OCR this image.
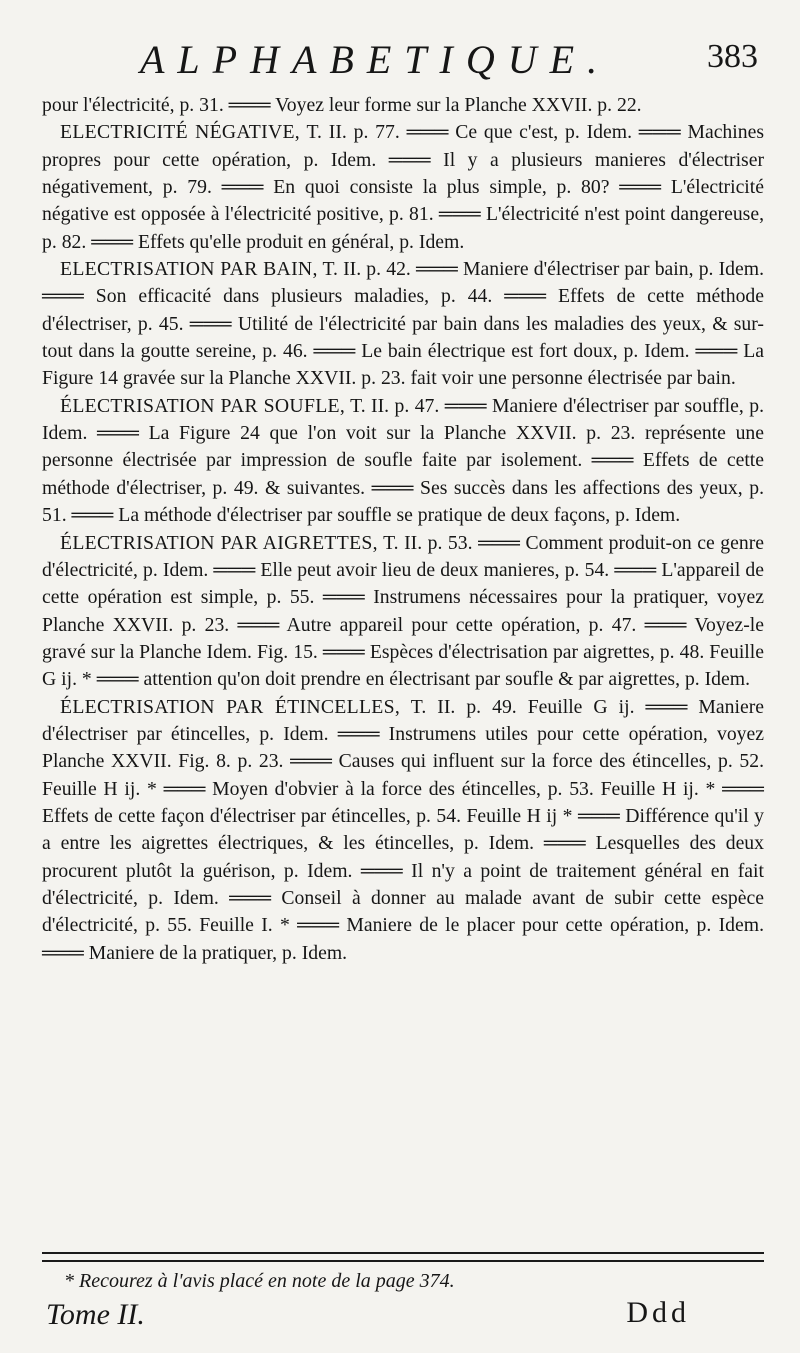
ALPHABETIQUE.	383

pour l'électricité, p. 31. ═══ Voyez leur forme sur la Planche XXVII. p. 22.

ELECTRICITÉ NÉGATIVE, T. II. p. 77. ═══ Ce que c'est, p. Idem. ═══ Machines propres pour cette opération, p. Idem. ═══ Il y a plusieurs manieres d'électriser négativement, p. 79. ═══ En quoi consiste la plus simple, p. 80? ═══ L'électricité négative est opposée à l'électricité positive, p. 81. ═══ L'électricité n'est point dangereuse, p. 82. ═══ Effets qu'elle produit en général, p. Idem.

ELECTRISATION PAR BAIN, T. II. p. 42. ═══ Maniere d'électriser par bain, p. Idem. ═══ Son efficacité dans plusieurs maladies, p. 44. ═══ Effets de cette méthode d'électriser, p. 45. ═══ Utilité de l'électricité par bain dans les maladies des yeux, & sur-tout dans la goutte sereine, p. 46. ═══ Le bain électrique est fort doux, p. Idem. ═══ La Figure 14 gravée sur la Planche XXVII. p. 23. fait voir une personne électrisée par bain.

ÉLECTRISATION PAR SOUFLE, T. II. p. 47. ═══ Maniere d'électriser par souffle, p. Idem. ═══ La Figure 24 que l'on voit sur la Planche XXVII. p. 23. représente une personne électrisée par impression de soufle faite par isolement. ═══ Effets de cette méthode d'électriser, p. 49. & suivantes. ═══ Ses succès dans les affections des yeux, p. 51. ═══ La méthode d'électriser par souffle se pratique de deux façons, p. Idem.

ÉLECTRISATION PAR AIGRETTES, T. II. p. 53. ═══ Comment produit-on ce genre d'électricité, p. Idem. ═══ Elle peut avoir lieu de deux manieres, p. 54. ═══ L'appareil de cette opération est simple, p. 55. ═══ Instrumens nécessaires pour la pratiquer, voyez Planche XXVII. p. 23. ═══ Autre appareil pour cette opération, p. 47. ═══ Voyez-le gravé sur la Planche Idem. Fig. 15. ═══ Espèces d'électrisation par aigrettes, p. 48. Feuille G ij. * ═══ attention qu'on doit prendre en électrisant par soufle & par aigrettes, p. Idem.

ÉLECTRISATION PAR ÉTINCELLES, T. II. p. 49. Feuille G ij. ═══ Maniere d'électriser par étincelles, p. Idem. ═══ Instrumens utiles pour cette opération, voyez Planche XXVII. Fig. 8. p. 23. ═══ Causes qui influent sur la force des étincelles, p. 52. Feuille H ij. * ═══ Moyen d'obvier à la force des étincelles, p. 53. Feuille H ij. * ═══ Effets de cette façon d'électriser par étincelles, p. 54. Feuille H ij * ═══ Différence qu'il y a entre les aigrettes électriques, & les étincelles, p. Idem. ═══ Lesquelles des deux procurent plutôt la guérison, p. Idem. ═══ Il n'y a point de traitement général en fait d'électricité, p. Idem. ═══ Conseil à donner au malade avant de subir cette espèce d'électricité, p. 55. Feuille I. * ═══ Maniere de le placer pour cette opération, p. Idem. ═══ Maniere de la pratiquer, p. Idem.

* Recourez à l'avis placé en note de la page 374.
Tome II.	Ddd
